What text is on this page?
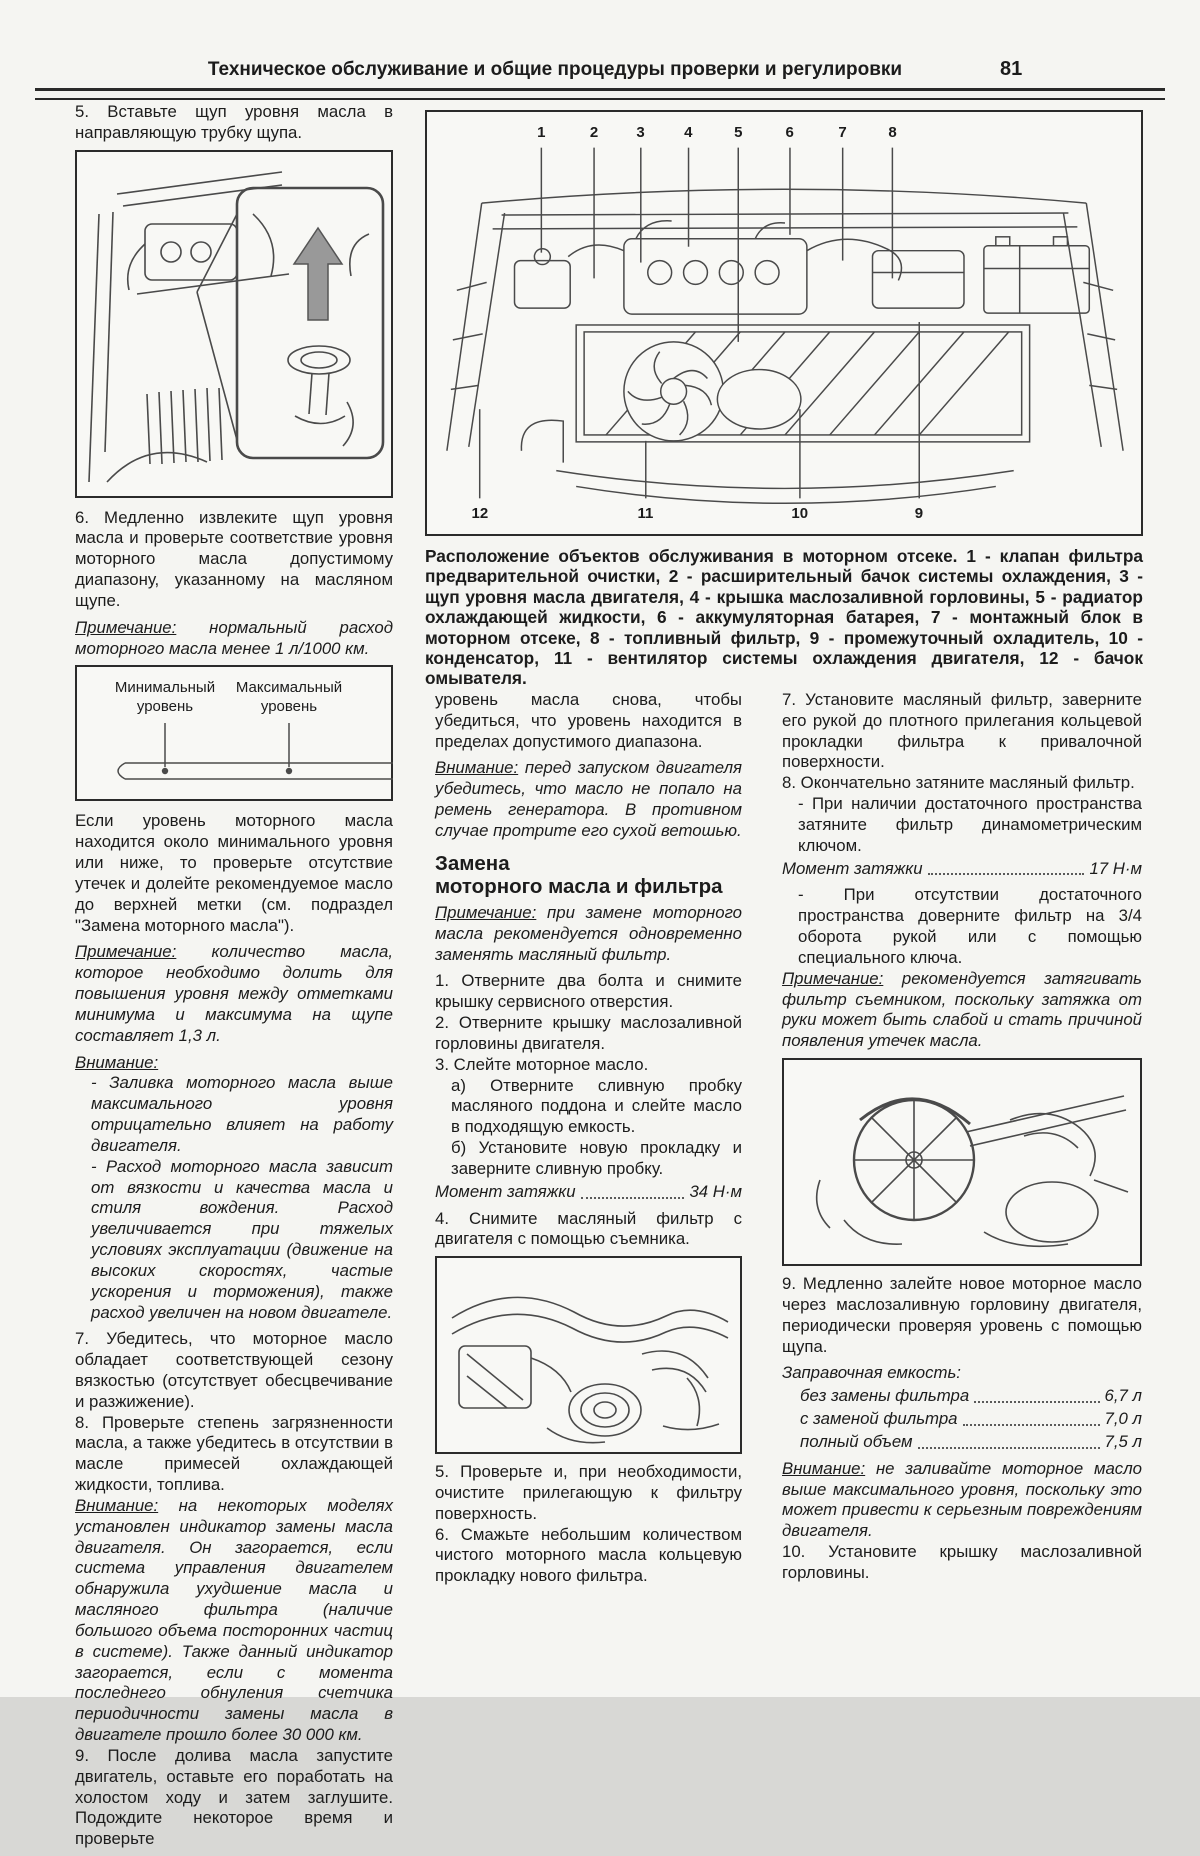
Техническое обслуживание и общие процедуры проверки и регулировки	81

5. Вставьте щуп уровня масла в направляющую трубку щупа.

6. Медленно извлеките щуп уровня масла и проверьте соответствие уровня моторного масла допустимому диапазону, указанному на масляном щупе.

Примечание: нормальный расход моторного масла менее 1 л/1000 км.

Минимальный уровень
Максимальный уровень

Если уровень моторного масла находится около минимального уровня или ниже, то проверьте отсутствие утечек и долейте рекомендуемое масло до верхней метки (см. подраздел "Замена моторного масла").

Примечание: количество масла, которое необходимо долить для повышения уровня между отметками минимума и максимума на щупе составляет 1,3 л.

Внимание:

- Заливка моторного масла выше максимального уровня отрицательно влияет на работу двигателя.

- Расход моторного масла зависит от вязкости и качества масла и стиля вождения. Расход увеличивается при тяжелых условиях эксплуатации (движение на высоких скоростях, частые ускорения и торможения), также расход увеличен на новом двигателе.

7. Убедитесь, что моторное масло обладает соответствующей сезону вязкостью (отсутствует обесцвечивание и разжижение).

8. Проверьте степень загрязненности масла, а также убедитесь в отсутствии в масле примесей охлаждающей жидкости, топлива.

Внимание: на некоторых моделях установлен индикатор замены масла двигателя. Он загорается, если система управления двигателем обнаружила ухудшение масла и масляного фильтра (наличие большого объема посторонних частиц в системе). Также данный индикатор загорается, если с момента последнего обнуления счетчика периодичности замены масла в двигателе прошло более 30 000 км.

9. После долива масла запустите двигатель, оставьте его поработать на холостом ходу и затем заглушите. Подождите некоторое время и проверьте

1	2	3	4	5	6	7	8
12	11	10	9
Расположение объектов обслуживания в моторном отсеке. 1 - клапан фильтра предварительной очистки, 2 - расширительный бачок системы охлаждения, 3 - щуп уровня масла двигателя, 4 - крышка маслозаливной горловины, 5 - радиатор охлаждающей жидкости, 6 - аккумуляторная батарея, 7 - монтажный блок в моторном отсеке, 8 - топливный фильтр, 9 - промежуточный охладитель, 10 - конденсатор, 11 - вентилятор системы охлаждения двигателя, 12 - бачок омывателя.

уровень масла снова, чтобы убедиться, что уровень находится в пределах допустимого диапазона.

Внимание: перед запуском двигателя убедитесь, что масло не попало на ремень генератора. В противном случае протрите его сухой ветошью.

Замена
моторного масла и фильтра

Примечание: при замене моторного масла рекомендуется одновременно заменять масляный фильтр.

1. Отверните два болта и снимите крышку сервисного отверстия.

2. Отверните крышку маслозаливной горловины двигателя.

3. Слейте моторное масло.

а) Отверните сливную пробку масляного поддона и слейте масло в подходящую емкость.

б) Установите новую прокладку и заверните сливную пробку.

Момент затяжки	34 Н·м

4. Снимите масляный фильтр с двигателя с помощью съемника.

5. Проверьте и, при необходимости, очистите прилегающую к фильтру поверхность.

6. Смажьте небольшим количеством чистого моторного масла кольцевую прокладку нового фильтра.

7. Установите масляный фильтр, заверните его рукой до плотного прилегания кольцевой прокладки фильтра к привалочной поверхности.

8. Окончательно затяните масляный фильтр.

- При наличии достаточного пространства затяните фильтр динамометрическим ключом.

Момент затяжки	17 Н·м

- При отсутствии достаточного пространства доверните фильтр на 3/4 оборота рукой или с помощью специального ключа.

Примечание: рекомендуется затягивать фильтр съемником, поскольку затяжка от руки может быть слабой и стать причиной появления утечек масла.

9. Медленно залейте новое моторное масло через маслозаливную горловину двигателя, периодически проверяя уровень с помощью щупа.

Заправочная емкость:

без замены фильтра	6,7 л
с заменой фильтра	7,0 л
полный объем	7,5 л

Внимание: не заливайте моторное масло выше максимального уровня, поскольку это может привести к серьезным повреждениям двигателя.

10. Установите крышку маслозаливной горловины.
